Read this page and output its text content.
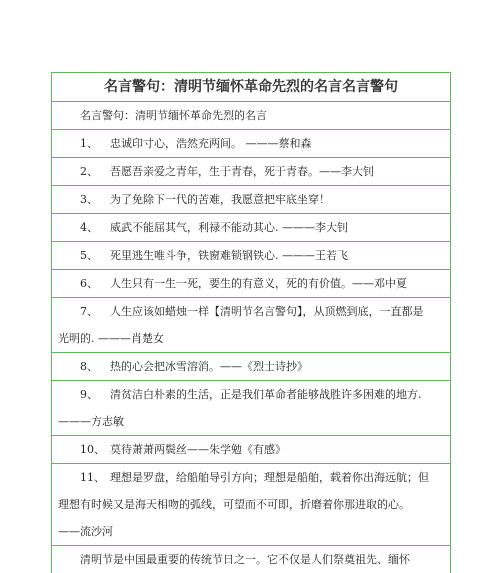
名言警句：清明节缅怀革命先烈的名言名言警句
名言警句：清明节缅怀革命先烈的名言
1、 忠诚印寸心，浩然充两间。 ———蔡和森
2、 吾愿吾亲爱之青年，生于青春，死于青春。——李大钊
3、 为了免除下一代的苦难，我愿意把牢底坐穿！
4、 威武不能屈其气，利禄不能动其心. ———李大钊
5、 死里逃生唯斗争，铁窗难锁钢铁心. ———王若飞
6、 人生只有一生一死，要生的有意义，死的有价值。——邓中夏
7、 人生应该如蜡烛一样【清明节名言警句】，从顶燃到底，一直都是
光明的. ———肖楚女
8、 热的心会把冰雪溶消。——《烈士诗抄》
9、 清贫洁白朴素的生活，正是我们革命者能够战胜许多困难的地方.
———方志敏
10、 莫待萧萧两鬓丝——朱学勉《有感》
11、 理想是罗盘，给船舶导引方向；理想是船舶，载着你出海远航；但
理想有时候又是海天相吻的弧线，可望而不可即，折磨着你那进取的心。
——流沙河
清明节是中国最重要的传统节日之一。它不仅是人们祭奠祖先、缅怀
